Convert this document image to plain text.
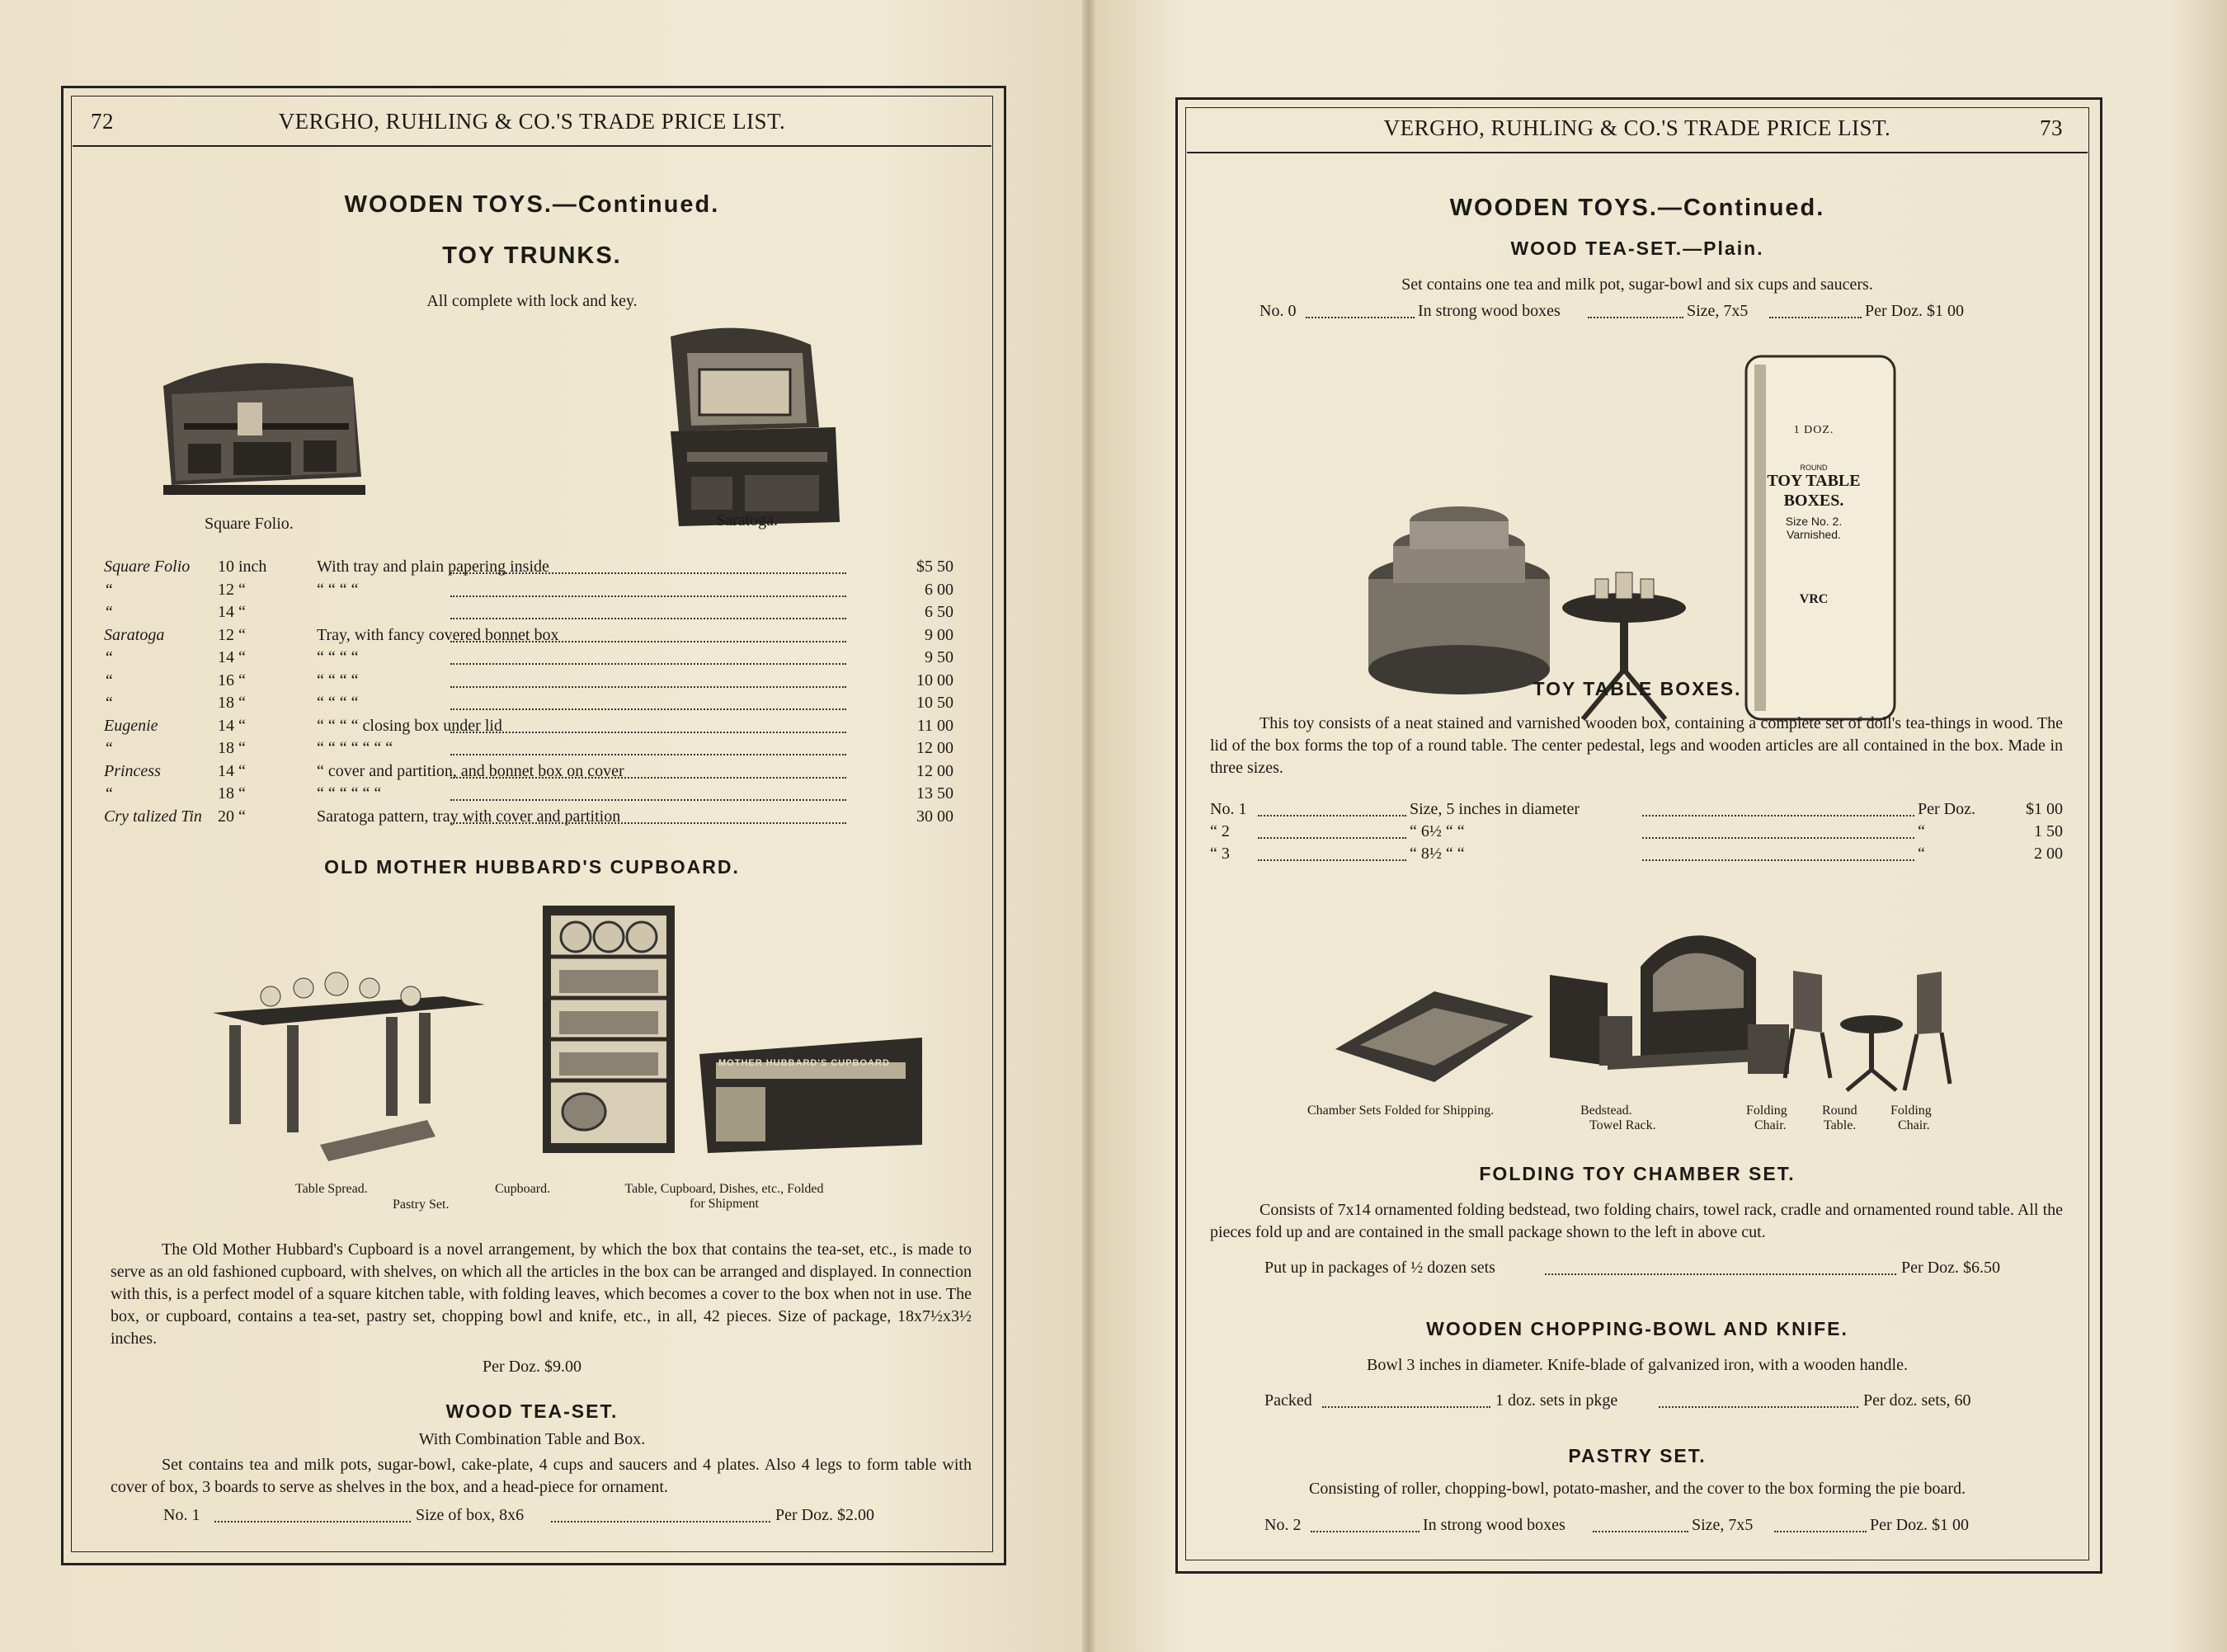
72	VERGHO, RUHLING & CO.'S TRADE PRICE LIST.
WOODEN TOYS.—Continued.
TOY TRUNKS.
All complete with lock and key.
Square Folio.	Saratoga.
Square Folio 10 inch	With tray and plain papering inside	$5 50
“	12 “	“ “ “ “	6 00
“	14 “	6 50
Saratoga	12 “	Tray, with fancy covered bonnet box	9 00
“	14 “	“ “ “ “	9 50
“	16 “	“ “ “ “	10 00
“	18 “	“ “ “ “	10 50
Eugenie	14 “	“ “ “ “ closing box under lid	11 00
“	18 “	“ “ “ “ “ “ “	12 00
Princess	14 “	“ cover and partition, and bonnet box on cover	12 00
“	18 “	“ “ “ “ “ “	13 50
Cry talized Tin 20 “	Saratoga pattern, tray with cover and partition	30 00
OLD MOTHER HUBBARD'S CUPBOARD.
MOTHER HUBBARD'S CUPBOARD
Table Spread.
Pastry Set.
Cupboard.	Table, Cupboard, Dishes, etc., Folded for Shipment
The Old Mother Hubbard's Cupboard is a novel arrangement, by which the box that contains the tea-set, etc., is made to serve as an old fashioned cupboard, with shelves, on which all the articles in the box can be arranged and displayed. In connection with this, is a perfect model of a square kitchen table, with folding leaves, which becomes a cover to the box when not in use. The box, or cupboard, contains a tea-set, pastry set, chopping bowl and knife, etc., in all, 42 pieces. Size of package, 18x7½x3½ inches.
Per Doz. $9.00
WOOD TEA-SET.
With Combination Table and Box.
Set contains tea and milk pots, sugar-bowl, cake-plate, 4 cups and saucers and 4 plates. Also 4 legs to form table with cover of box, 3 boards to serve as shelves in the box, and a head-piece for ornament.
No. 1	Size of box, 8x6	Per Doz. $2.00
VERGHO, RUHLING & CO.'S TRADE PRICE LIST.	73
WOODEN TOYS.—Continued.
WOOD TEA-SET.—Plain.
Set contains one tea and milk pot, sugar-bowl and six cups and saucers.
No. 0	In strong wood boxes	Size, 7x5	Per Doz. $1 00
1 DOZ.
ROUND
TOY TABLE
BOXES.
Size No. 2.
Varnished.
VRC
TOY TABLE BOXES.
This toy consists of a neat stained and varnished wooden box, containing a complete set of doll's tea-things in wood. The lid of the box forms the top of a round table. The center pedestal, legs and wooden articles are all contained in the box. Made in three sizes.
No. 1	Size, 5 inches in diameter	Per Doz.	$1 00
“ 2	“ 6½ “ “	“	1 50
“ 3	“ 8½ “ “	“	2 00
Chamber Sets Folded for Shipping.	Bedstead.
Towel Rack.
Folding
Chair.
Round
Table.
Folding
Chair.
FOLDING TOY CHAMBER SET.
Consists of 7x14 ornamented folding bedstead, two folding chairs, towel rack, cradle and ornamented round table. All the pieces fold up and are contained in the small package shown to the left in above cut.
Put up in packages of ½ dozen sets	Per Doz. $6.50
WOODEN CHOPPING-BOWL AND KNIFE.
Bowl 3 inches in diameter. Knife-blade of galvanized iron, with a wooden handle.
Packed	1 doz. sets in pkge	Per doz. sets, 60
PASTRY SET.
Consisting of roller, chopping-bowl, potato-masher, and the cover to the box forming the pie board.
No. 2	In strong wood boxes	Size, 7x5	Per Doz. $1 00
